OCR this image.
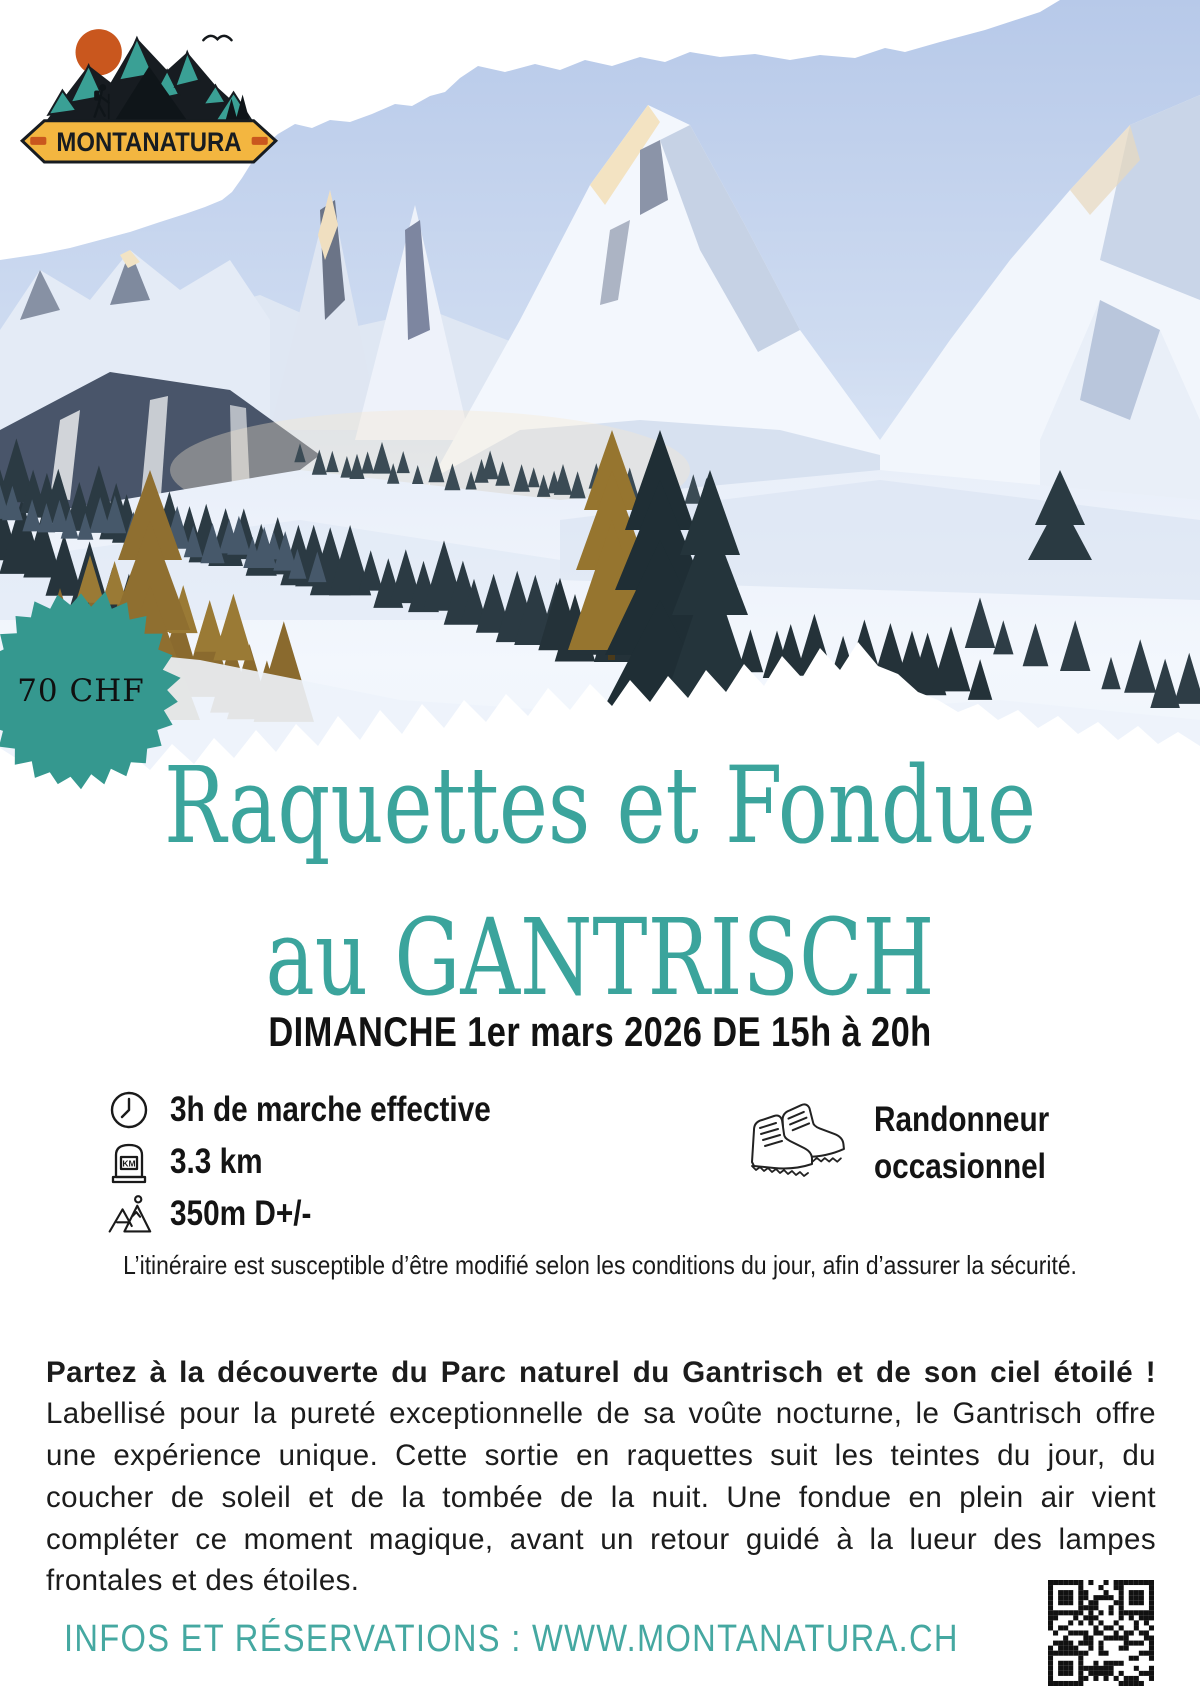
MONTANATURA
70 CHF
Raquettes et Fondue
au GANTRISCH
DIMANCHE 1er mars 2026 DE 15h à 20h
3h de marche effective
KM 3.3 km
350m D+/-
Randonneur
occasionnel
L’itinéraire est susceptible d’être modifié selon les conditions du jour, afin d’assurer la sécurité.

Partez à la découverte du Parc naturel du Gantrisch et de son ciel étoilé ! Labellisé pour la pureté exceptionnelle de sa voûte nocturne, le Gantrisch offre une expérience unique. Cette sortie en raquettes suit les teintes du jour, du coucher de soleil et de la tombée de la nuit. Une fondue en plein air vient compléter ce moment magique, avant un retour guidé à la lueur des lampes frontales et des étoiles.

INFOS ET RÉSERVATIONS : WWW.MONTANATURA.CH
